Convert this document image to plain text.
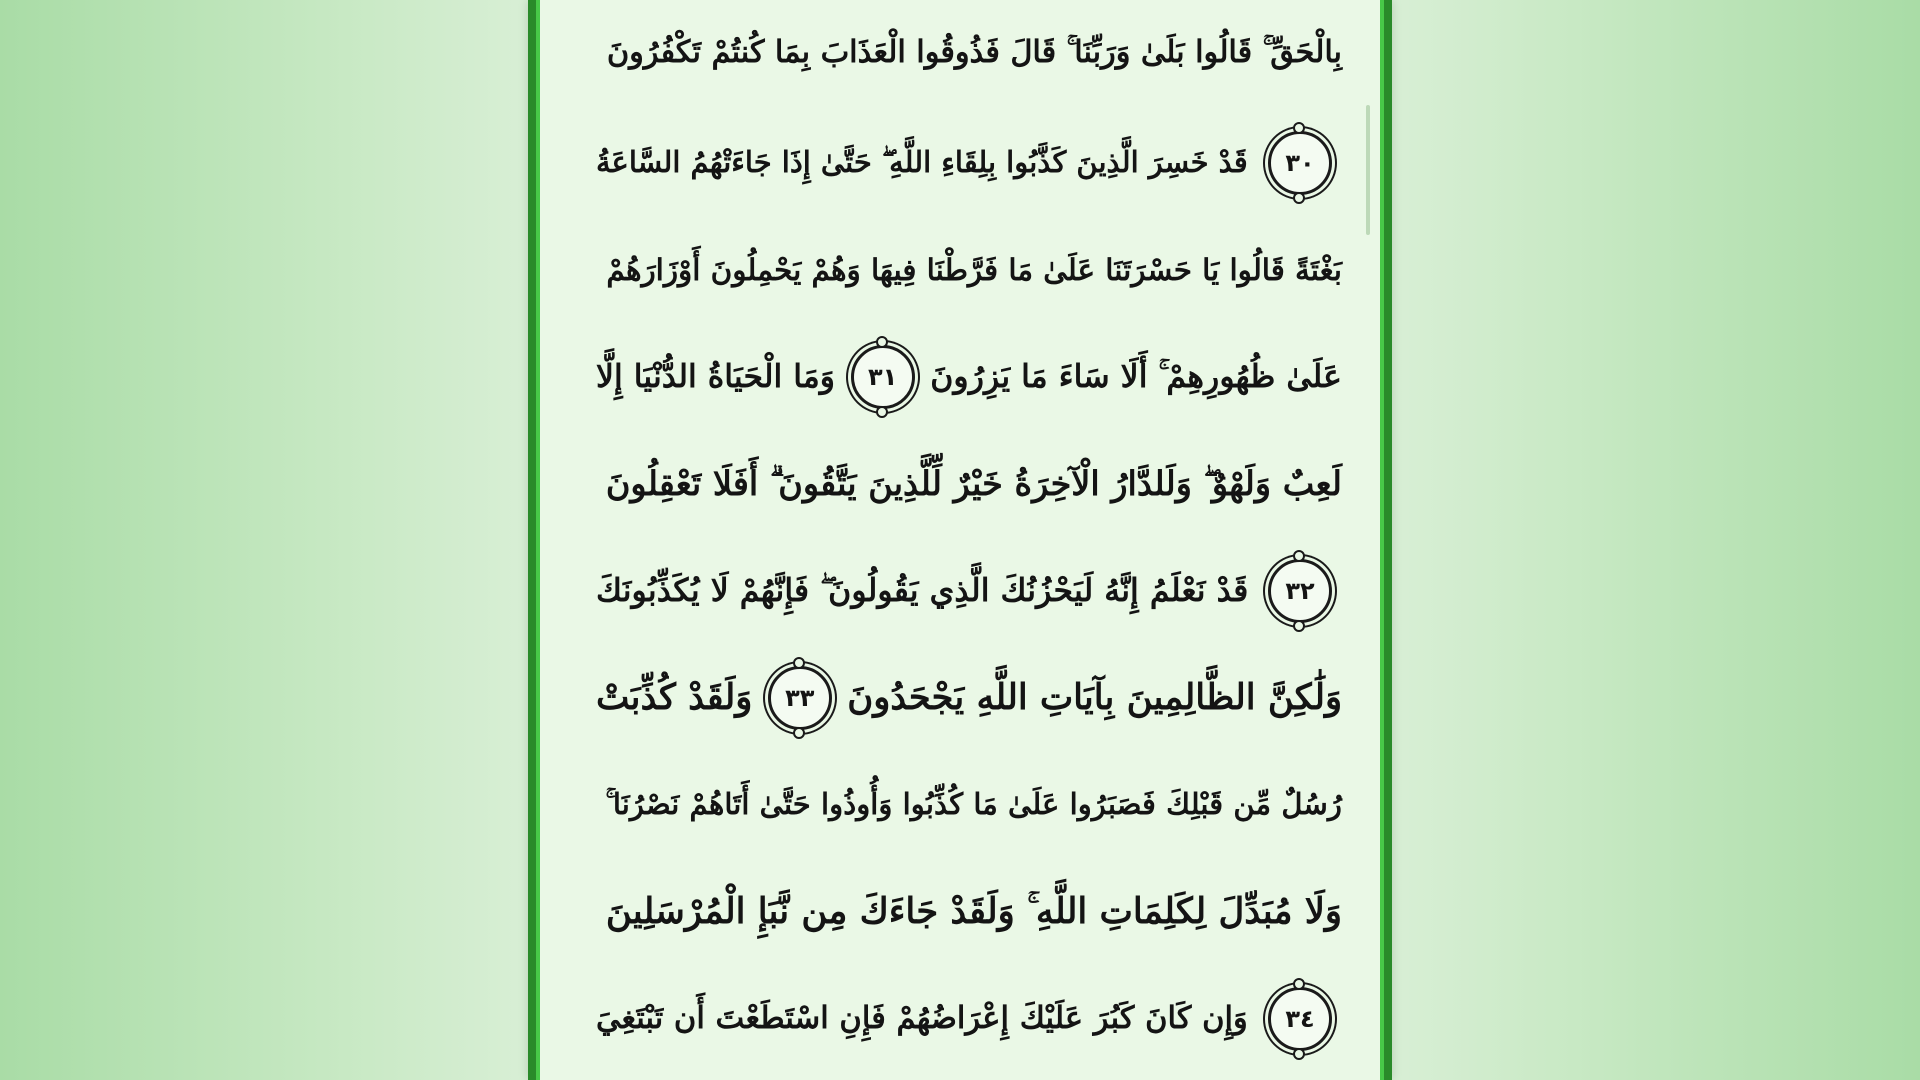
بِالْحَقِّ ۚ قَالُوا بَلَىٰ وَرَبِّنَا ۚ قَالَ فَذُوقُوا الْعَذَابَ بِمَا كُنتُمْ تَكْفُرُونَ
٣٠
قَدْ خَسِرَ الَّذِينَ كَذَّبُوا بِلِقَاءِ اللَّهِ ۖ حَتَّىٰ إِذَا جَاءَتْهُمُ السَّاعَةُ
بَغْتَةً قَالُوا يَا حَسْرَتَنَا عَلَىٰ مَا فَرَّطْنَا فِيهَا وَهُمْ يَحْمِلُونَ أَوْزَارَهُمْ
عَلَىٰ ظُهُورِهِمْ ۚ أَلَا سَاءَ مَا يَزِرُونَ
٣١
وَمَا الْحَيَاةُ الدُّنْيَا إِلَّا
لَعِبٌ وَلَهْوٌ ۖ وَلَلدَّارُ الْآخِرَةُ خَيْرٌ لِّلَّذِينَ يَتَّقُونَ ۗ أَفَلَا تَعْقِلُونَ
٣٢
قَدْ نَعْلَمُ إِنَّهُ لَيَحْزُنُكَ الَّذِي يَقُولُونَ ۖ فَإِنَّهُمْ لَا يُكَذِّبُونَكَ
وَلَٰكِنَّ الظَّالِمِينَ بِآيَاتِ اللَّهِ يَجْحَدُونَ
٣٣
وَلَقَدْ كُذِّبَتْ
رُسُلٌ مِّن قَبْلِكَ فَصَبَرُوا عَلَىٰ مَا كُذِّبُوا وَأُوذُوا حَتَّىٰ أَتَاهُمْ نَصْرُنَا ۚ
وَلَا مُبَدِّلَ لِكَلِمَاتِ اللَّهِ ۚ وَلَقَدْ جَاءَكَ مِن نَّبَإِ الْمُرْسَلِينَ
٣٤
وَإِن كَانَ كَبُرَ عَلَيْكَ إِعْرَاضُهُمْ فَإِنِ اسْتَطَعْتَ أَن تَبْتَغِيَ
